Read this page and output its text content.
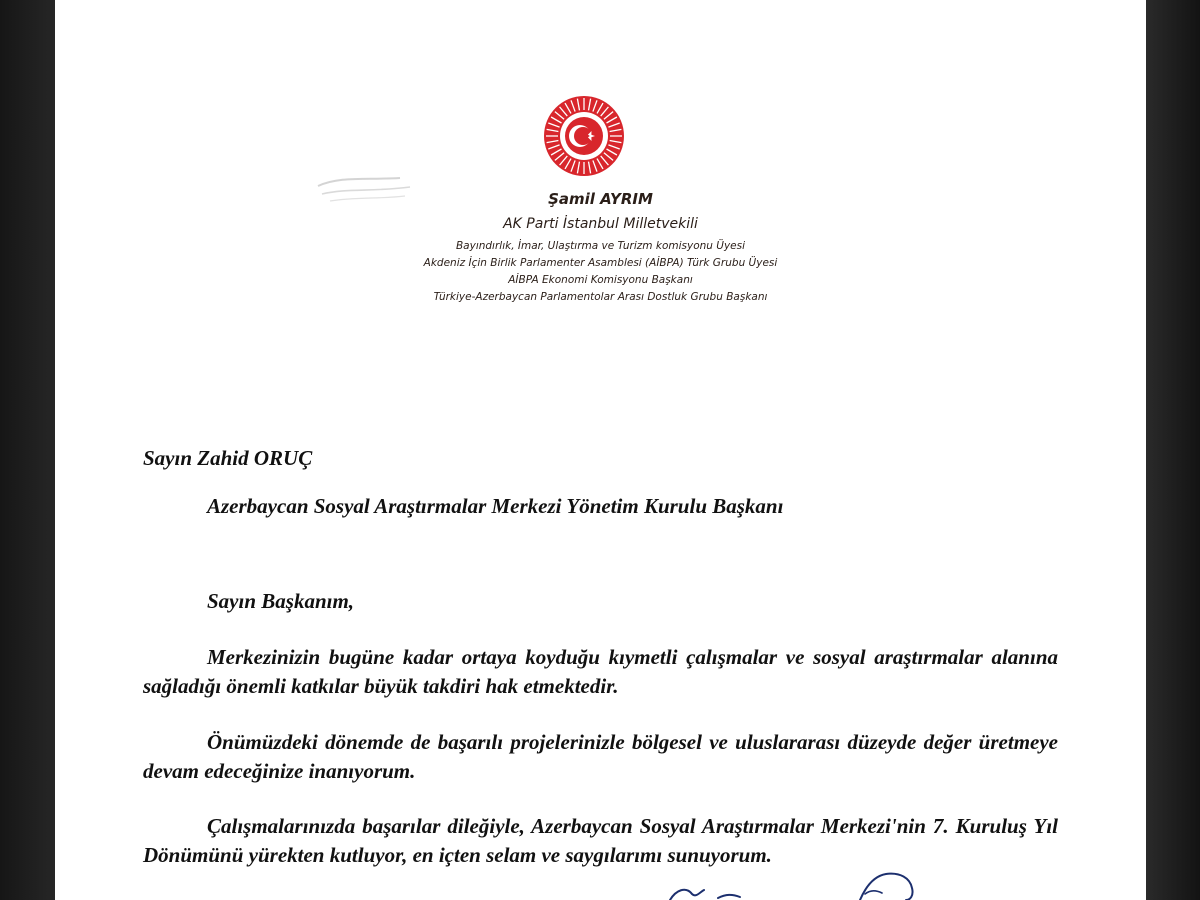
Şamil AYRIM
AK Parti İstanbul Milletvekili
Bayındırlık, İmar, Ulaştırma ve Turizm komisyonu Üyesi
Akdeniz İçin Birlik Parlamenter Asamblesi (AİBPA) Türk Grubu Üyesi
AİBPA Ekonomi Komisyonu Başkanı
Türkiye-Azerbaycan Parlamentolar Arası Dostluk Grubu Başkanı
Sayın Zahid ORUÇ
Azerbaycan Sosyal Araştırmalar Merkezi Yönetim Kurulu Başkanı
Sayın Başkanım,

Merkezinizin bugüne kadar ortaya koyduğu kıymetli çalışmalar ve sosyal araştırmalar alanına sağladığı önemli katkılar büyük takdiri hak etmektedir.

Önümüzdeki dönemde de başarılı projelerinizle bölgesel ve uluslararası düzeyde değer üretmeye devam edeceğinize inanıyorum.

Çalışmalarınızda başarılar dileğiyle, Azerbaycan Sosyal Araştırmalar Merkezi'nin 7. Kuruluş Yıl Dönümünü yürekten kutluyor, en içten selam ve saygılarımı sunuyorum.
